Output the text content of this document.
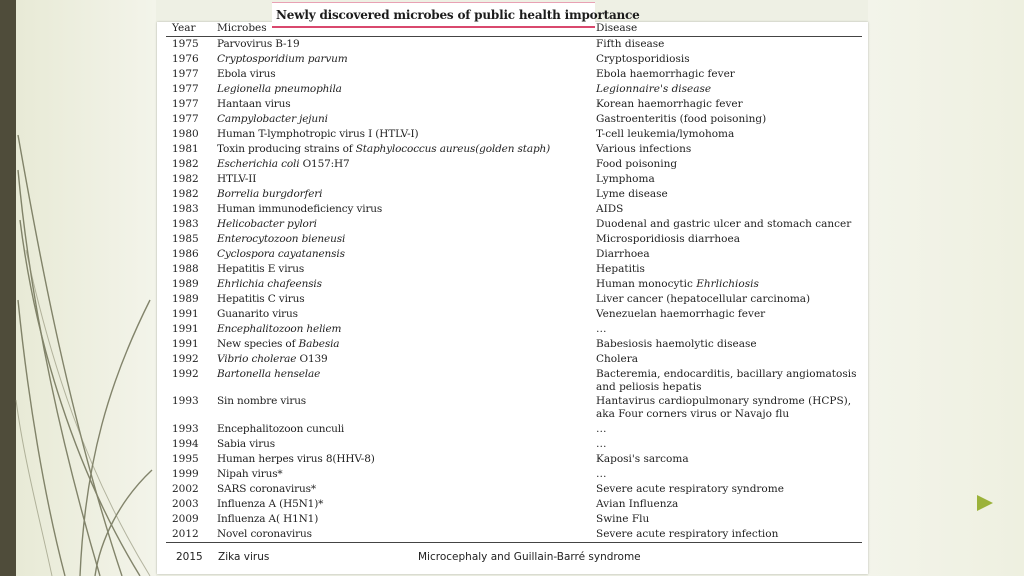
Newly discovered microbes of public health importance
Year Microbes	Disease
1975	Parvovirus B-19	Fifth disease
1976	Cryptosporidium parvum	Cryptosporidiosis
1977	Ebola virus	Ebola haemorrhagic fever
1977	Legionella pneumophila	Legionnaire's disease
1977	Hantaan virus	Korean haemorrhagic fever
1977	Campylobacter jejuni	Gastroenteritis (food poisoning)
1980	Human T-lymphotropic virus I (HTLV-I)	T-cell leukemia/lymohoma
1981	Toxin producing strains of Staphylococcus aureus(golden staph)	Various infections
1982	Escherichia coli O157:H7	Food poisoning
1982	HTLV-II	Lymphoma
1982	Borrelia burgdorferi	Lyme disease
1983	Human immunodeficiency virus	AIDS
1983	Helicobacter pylori	Duodenal and gastric ulcer and stomach cancer
1985	Enterocytozoon bieneusi	Microsporidiosis diarrhoea
1986	Cyclospora cayatanensis	Diarrhoea
1988	Hepatitis E virus	Hepatitis
1989	Ehrlichia chafeensis	Human monocytic Ehrlichiosis
1989	Hepatitis C virus	Liver cancer (hepatocellular carcinoma)
1991	Guanarito virus	Venezuelan haemorrhagic fever
1991	Encephalitozoon heliem	…
1991	New species of Babesia	Babesiosis haemolytic disease
1992	Vibrio cholerae O139	Cholera
1992	Bartonella henselae	Bacteremia, endocarditis, bacillary angiomatosis
and peliosis hepatis
1993	Sin nombre virus	Hantavirus cardiopulmonary syndrome (HCPS),
aka Four corners virus or Navajo flu
1993	Encephalitozoon cunculi	…
1994	Sabia virus	…
1995	Human herpes virus 8(HHV-8)	Kaposi's sarcoma
1999	Nipah virus*	…
2002	SARS coronavirus*	Severe acute respiratory syndrome
2003	Influenza A (H5N1)*	Avian Influenza
2009	Influenza A( H1N1)	Swine Flu
2012	Novel coronavirus	Severe acute respiratory infection
2015 Zika virus	Microcephaly and Guillain-Barré syndrome
